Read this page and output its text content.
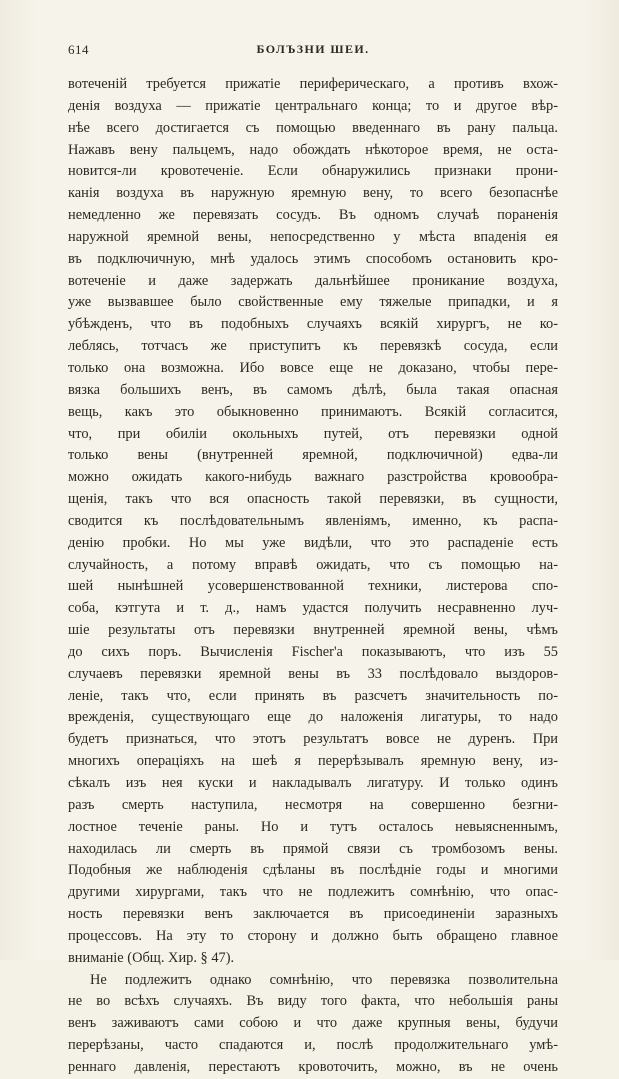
614	БОЛЪЗНИ ШЕИ.
вотеченій требуется прижатіе периферическаго, а противъ вхож-
денія воздуха — прижатіе центральнаго конца; то и другое вѣр-
нѣе всего достигается съ помощью введеннаго въ рану пальца.
Нажавъ вену пальцемъ, надо обождать нѣкоторое время, не оста-
новится-ли кровотеченіе. Если обнаружились признаки прони-
канія воздуха въ наружную яремную вену, то всего безопаснѣе
немедленно же перевязать сосудъ. Въ одномъ случаѣ пораненія
наружной яремной вены, непосредственно у мѣста впаденія ея
въ подключичную, мнѣ удалось этимъ способомъ остановить кро-
вотеченіе и даже задержать дальнѣйшее проникание воздуха,
уже вызвавшее было свойственные ему тяжелые припадки, и я
убѣжденъ, что въ подобныхъ случаяхъ всякій хирургъ, не ко-
леблясь, тотчасъ же приступитъ къ перевязкѣ сосуда, если
только она возможна. Ибо вовсе еще не доказано, чтобы пере-
вязка большихъ венъ, въ самомъ дѣлѣ, была такая опасная
вещь, какъ это обыкновенно принимаютъ. Всякій согласится,
что, при обиліи окольныхъ путей, отъ перевязки одной
только вены (внутренней яремной, подключичной) едва-ли
можно ожидать какого-нибудь важнаго разстройства кровообра-
щенія, такъ что вся опасность такой перевязки, въ сущности,
сводится къ послѣдовательнымъ явленіямъ, именно, къ распа-
денію пробки. Но мы уже видѣли, что это распаденіе есть
случайность, а потому вправѣ ожидать, что съ помощью на-
шей нынѣшней усовершенствованной техники, листерова спо-
соба, кэтгута и т. д., намъ удастся получить несравненно луч-
шіе результаты отъ перевязки внутренней яремной вены, чѣмъ
до сихъ поръ. Вычисленія Fischer'а показываютъ, что изъ 55
случаевъ перевязки яремной вены въ 33 послѣдовало выздоров-
леніе, такъ что, если принять въ разсчетъ значительность по-
врежденія, существующаго еще до наложенія лигатуры, то надо
будетъ признаться, что этотъ результатъ вовсе не дуренъ. При
многихъ операціяхъ на шеѣ я перерѣзывалъ яремную вену, из-
сѣкалъ изъ нея куски и накладывалъ лигатуру. И только одинъ
разъ смерть наступила, несмотря на совершенно безгни-
лостное теченіе раны. Но и тутъ осталось невыясненнымъ,
находилась ли смерть въ прямой связи съ тромбозомъ вены.
Подобныя же наблюденія сдѣланы въ послѣдніе годы и многими
другими хирургами, такъ что не подлежитъ сомнѣнію, что опас-
ность перевязки венъ заключается въ присоединеніи заразныхъ
процессовъ. На эту то сторону и должно быть обращено главное
вниманіе (Общ. Хир. § 47).
Не подлежитъ однако сомнѣнію, что перевязка позволительна
не во всѣхъ случаяхъ. Въ виду того факта, что небольшія раны
венъ заживаютъ сами собою и что даже крупныя вены, будучи
перерѣзаны, часто спадаются и, послѣ продолжительнаго умѣ-
реннаго давленія, перестаютъ кровоточить, можно, въ не очень
